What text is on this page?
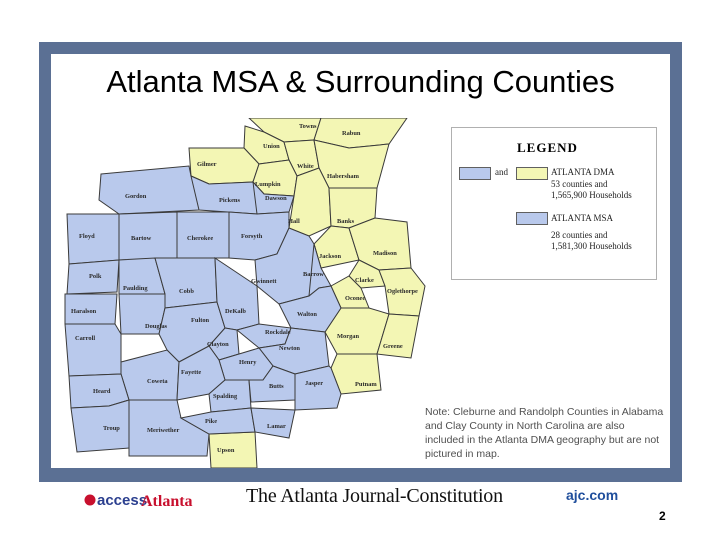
Atlanta MSA & Surrounding Counties
Towns
Rabun
Union
White
Gilmer
Habersham
Lumpkin
Hall	Banks
Jackson	Madison
Clarke
Oconee
Oglethorpe
Morgan
Greene
Putnam
Upson
Gordon
Pickens	Dawson
Floyd	Bartow	Cherokee	Forsyth
Polk
Paulding	Cobb
Gwinnett
Barrow
Haralson
Douglas
Fulton
DeKalb	Walton
Carroll
Rockdale
Clayton
Newton
Henry
Coweta
Fayette
Heard
Spalding
Butts	Jasper
Lamar
Meriwether
Troup
Pike
LEGEND
and	ATLANTA DMA
53 counties and
1,565,900 Households
ATLANTA MSA
28 counties and
1,581,300 Households
Note: Cleburne and Randolph Counties in Alabama and Clay County in North Carolina are also included in the Atlanta DMA geography but are not pictured in map.
access
Atlanta	The Atlanta Journal-Constitution	ajc.com
2
